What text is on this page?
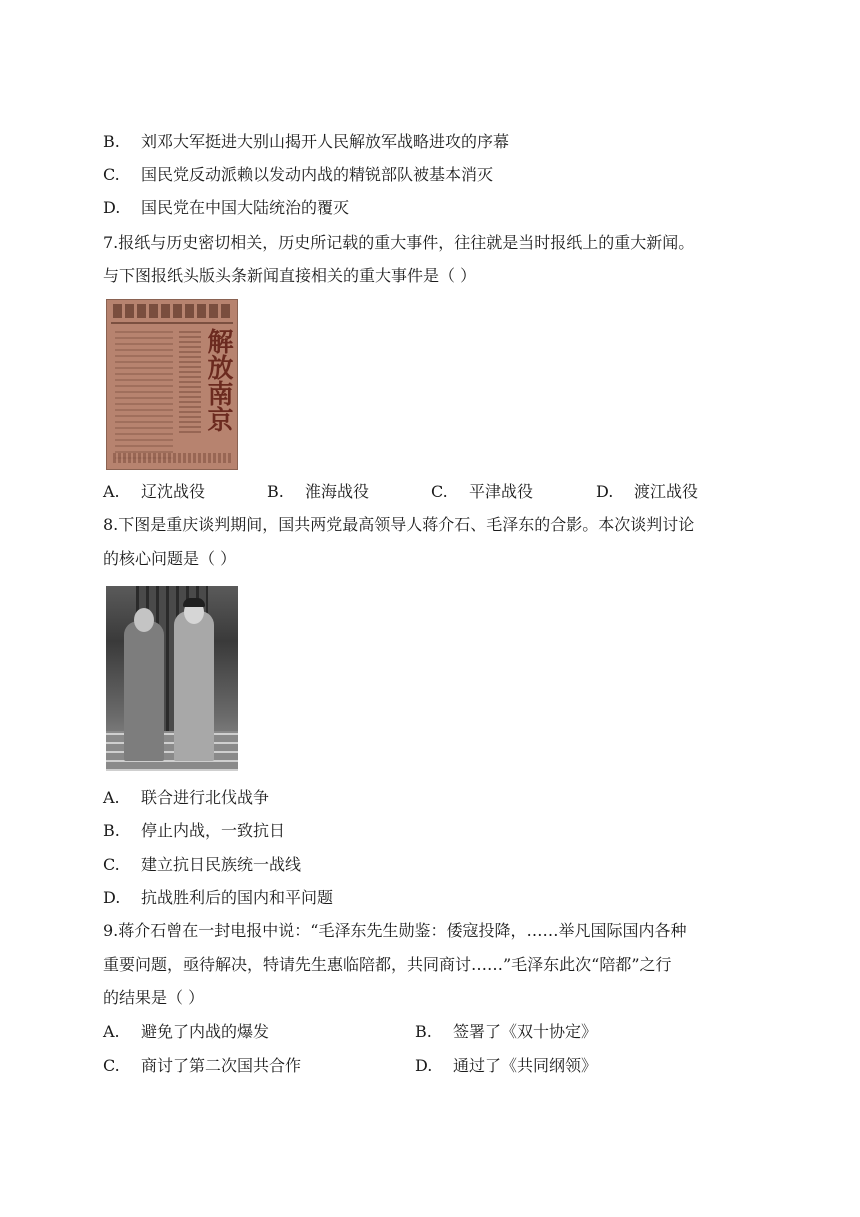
B. 刘邓大军挺进大别山揭开人民解放军战略进攻的序幕
C. 国民党反动派赖以发动内战的精锐部队被基本消灭
D. 国民党在中国大陆统治的覆灭
7.报纸与历史密切相关，历史所记载的重大事件，往往就是当时报纸上的重大新闻。
与下图报纸头版头条新闻直接相关的重大事件是（ ）
解放南京
A. 辽沈战役	B. 淮海战役	C. 平津战役	D. 渡江战役
8.下图是重庆谈判期间，国共两党最高领导人蒋介石、毛泽东的合影。本次谈判讨论
的核心问题是（ ）
A. 联合进行北伐战争
B. 停止内战，一致抗日
C. 建立抗日民族统一战线
D. 抗战胜利后的国内和平问题
9.蒋介石曾在一封电报中说：“毛泽东先生勋鉴：倭寇投降，……举凡国际国内各种
重要问题，亟待解决，特请先生惠临陪都，共同商讨……”毛泽东此次“陪都”之行
的结果是（ ）
A. 避免了内战的爆发	B. 签署了《双十协定》
C. 商讨了第二次国共合作	D. 通过了《共同纲领》
